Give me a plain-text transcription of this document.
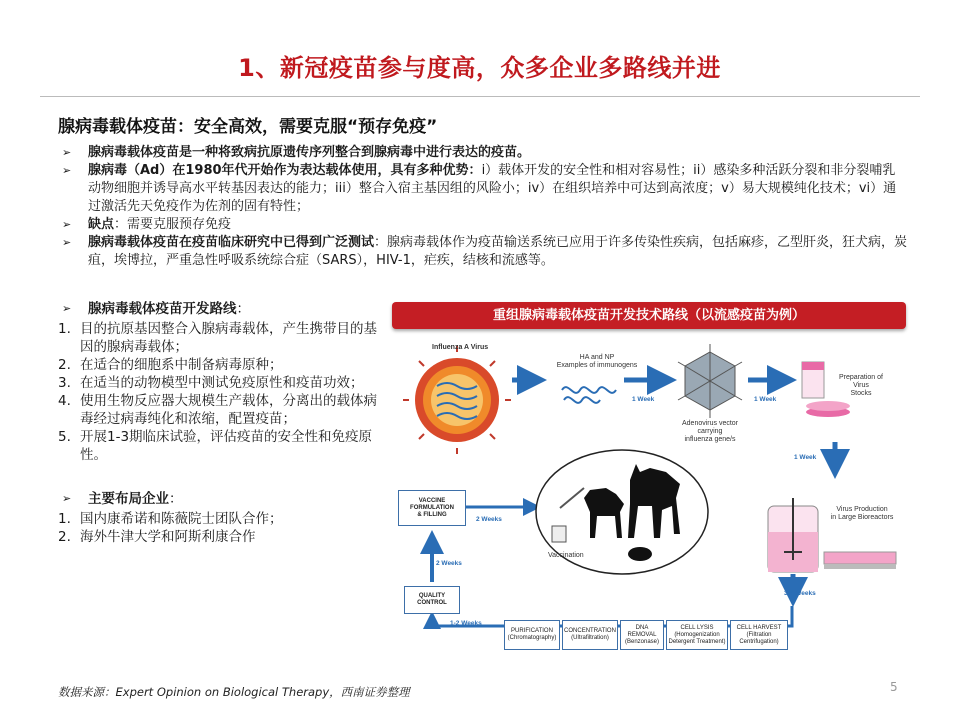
1、新冠疫苗参与度高，众多企业多路线并进
腺病毒载体疫苗：安全高效，需要克服“预存免疫”
➢ 腺病毒载体疫苗是一种将致病抗原遗传序列整合到腺病毒中进行表达的疫苗。
➢ 腺病毒（Ad）在1980年代开始作为表达载体使用，具有多种优势：i）载体开发的安全性和相对容易性；ii）感染多种活跃分裂和非分裂哺乳动物细胞并诱导高水平转基因表达的能力；iii）整合入宿主基因组的风险小；iv）在组织培养中可达到高浓度；v）易大规模纯化技术；vi）通过激活先天免疫作为佐剂的固有特性；
➢ 缺点：需要克服预存免疫
➢ 腺病毒载体疫苗在疫苗临床研究中已得到广泛测试：腺病毒载体作为疫苗输送系统已应用于许多传染性疾病，包括麻疹，乙型肝炎，狂犬病，炭疽，埃博拉，严重急性呼吸系统综合症（SARS），HIV-1，疟疾，结核和流感等。
➢ 腺病毒载体疫苗开发路线：
1. 目的抗原基因整合入腺病毒载体，产生携带目的基因的腺病毒载体；
2. 在适合的细胞系中制备病毒原种；
3. 在适当的动物模型中测试免疫原性和疫苗功效；
4. 使用生物反应器大规模生产载体，分离出的载体病毒经过病毒纯化和浓缩，配置疫苗；
5. 开展1-3期临床试验，评估疫苗的安全性和免疫原性。
➢ 主要布局企业：
1. 国内康希诺和陈薇院士团队合作；
2. 海外牛津大学和阿斯利康合作
重组腺病毒载体疫苗开发技术路线（以流感疫苗为例）
Influenza A Virus
HA and NP
Examples of immunogens
Adenovirus vector
carrying
influenza gene/s
Preparation of
Virus
Stocks
Virus Production
in Large Bioreactors
Vaccination
1 Week	1 Week
1 Week
3-4 Weeks
2 Weeks
2 Weeks
1-2 Weeks
VACCINE
FORMULATION
& FILLING
QUALITY
CONTROL
PURIFICATION
(Chromatography)
CONCENTRATION
(Ultrafiltration)
DNA
REMOVAL
(Benzonase)
CELL LYSIS
(Homogenization
Detergent Treatment)
CELL HARVEST
(Filtration
Centrifugation)
数据来源：Expert Opinion on Biological Therapy，西南证券整理	5
